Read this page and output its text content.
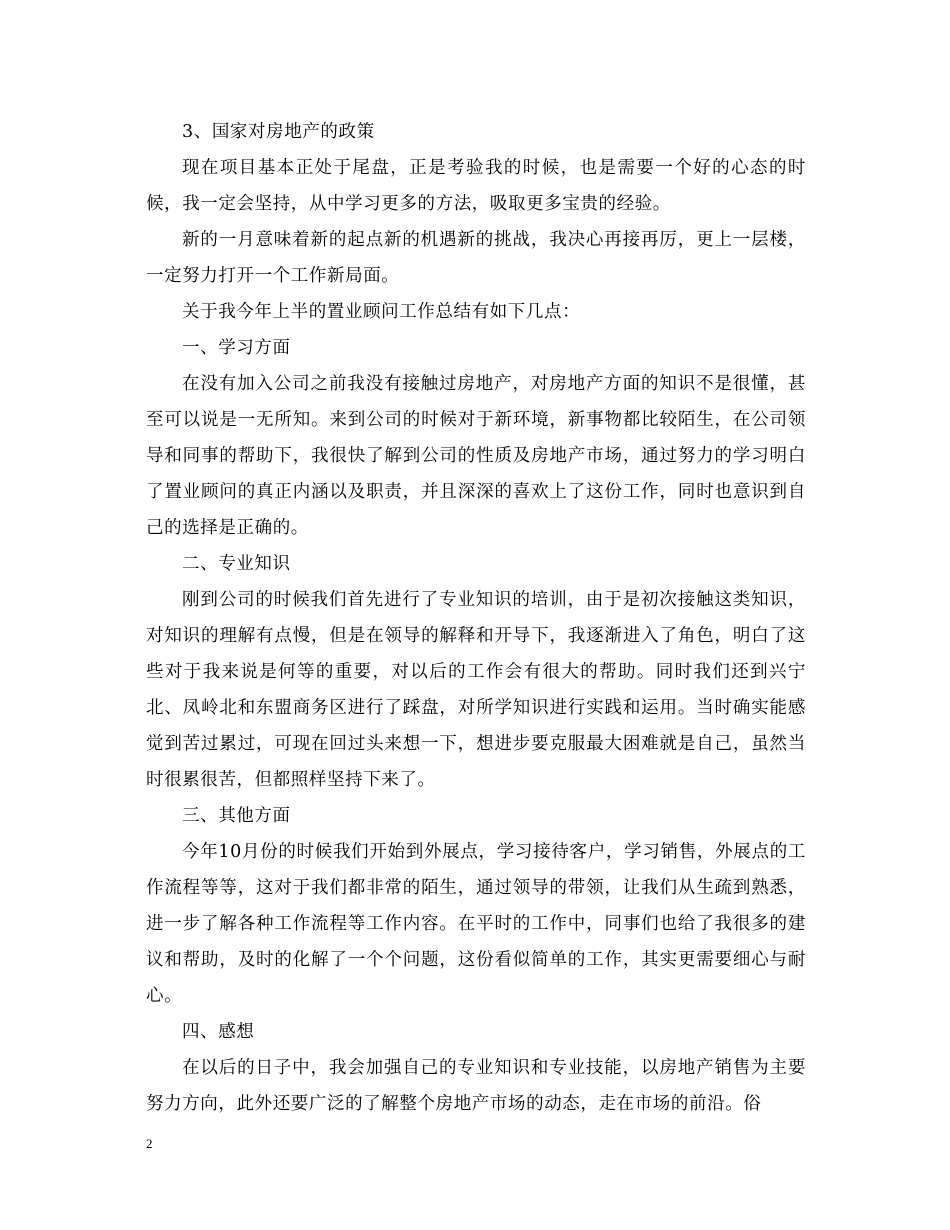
3、国家对房地产的政策

现在项目基本正处于尾盘，正是考验我的时候，也是需要一个好的心态的时候，我一定会坚持，从中学习更多的方法，吸取更多宝贵的经验。

新的一月意味着新的起点新的机遇新的挑战，我决心再接再厉，更上一层楼，一定努力打开一个工作新局面。

关于我今年上半的置业顾问工作总结有如下几点：

一、学习方面

在没有加入公司之前我没有接触过房地产，对房地产方面的知识不是很懂，甚至可以说是一无所知。来到公司的时候对于新环境，新事物都比较陌生，在公司领导和同事的帮助下，我很快了解到公司的性质及房地产市场，通过努力的学习明白了置业顾问的真正内涵以及职责，并且深深的喜欢上了这份工作，同时也意识到自己的选择是正确的。

二、专业知识

刚到公司的时候我们首先进行了专业知识的培训，由于是初次接触这类知识，对知识的理解有点慢，但是在领导的解释和开导下，我逐渐进入了角色，明白了这些对于我来说是何等的重要，对以后的工作会有很大的帮助。同时我们还到兴宁北、凤岭北和东盟商务区进行了踩盘，对所学知识进行实践和运用。当时确实能感觉到苦过累过，可现在回过头来想一下，想进步要克服最大困难就是自己，虽然当时很累很苦，但都照样坚持下来了。

三、其他方面

今年10月份的时候我们开始到外展点，学习接待客户，学习销售，外展点的工作流程等等，这对于我们都非常的陌生，通过领导的带领，让我们从生疏到熟悉，进一步了解各种工作流程等工作内容。在平时的工作中，同事们也给了我很多的建议和帮助，及时的化解了一个个问题，这份看似简单的工作，其实更需要细心与耐心。

四、感想

在以后的日子中，我会加强自己的专业知识和专业技能，以房地产销售为主要努力方向，此外还要广泛的了解整个房地产市场的动态，走在市场的前沿。俗

2
